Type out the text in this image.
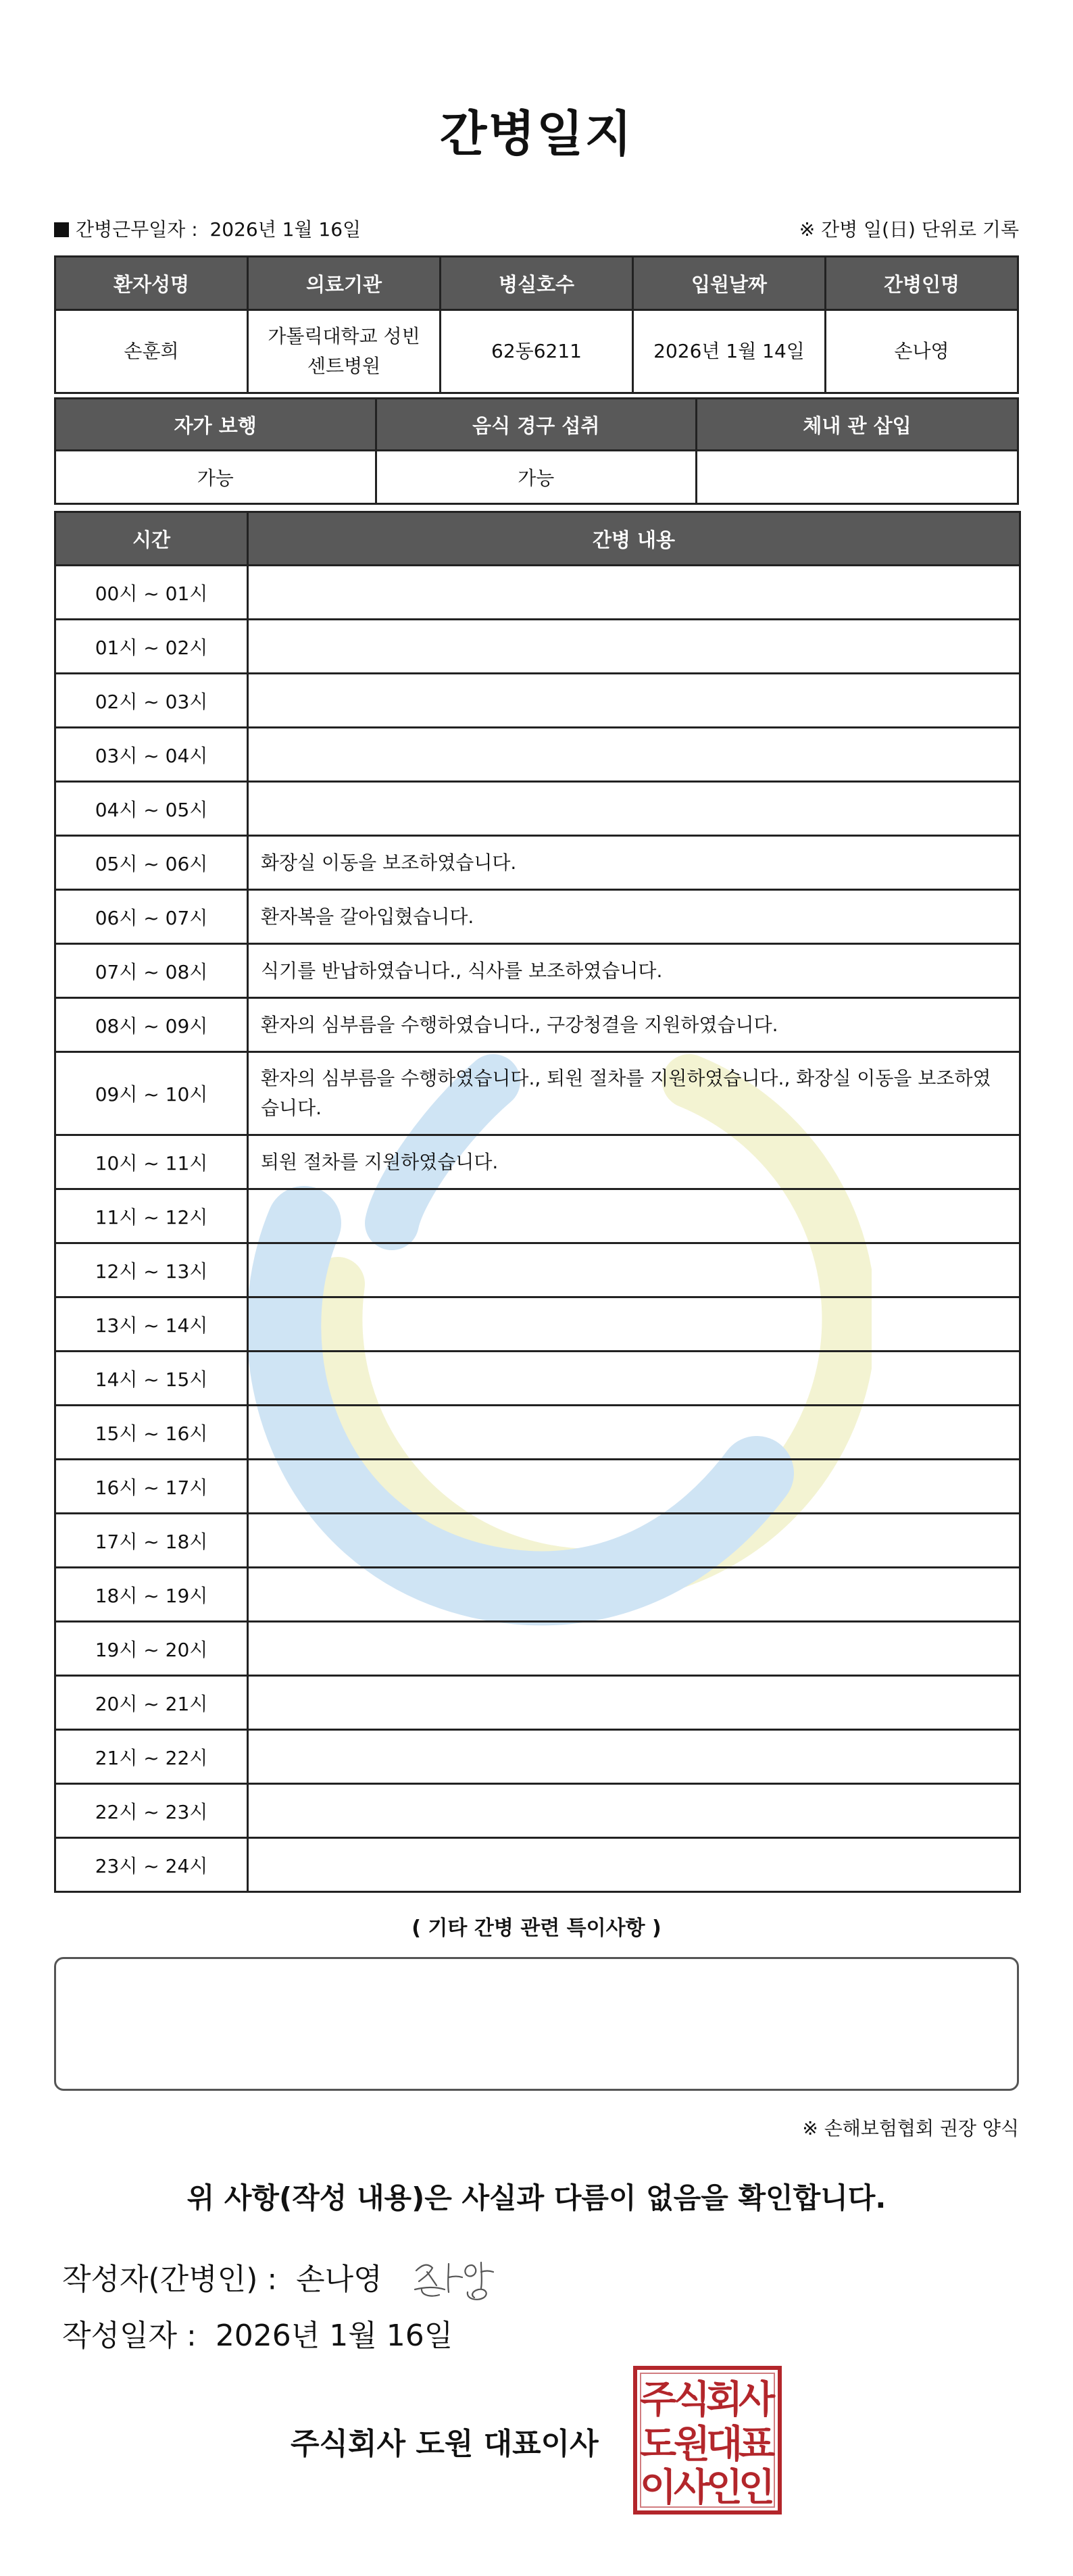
간병일지
간병근무일자 : 2026년 1월 16일	※ 간병 일(日) 단위로 기록
환자성명	의료기관	병실호수	입원날짜	간병인명
손훈희	가톨릭대학교 성빈 센트병원	62동6211	2026년 1월 14일	손나영
자가 보행	음식 경구 섭취	체내 관 삽입
가능	가능	
시간	간병 내용
00시 ~ 01시	
01시 ~ 02시	
02시 ~ 03시	
03시 ~ 04시	
04시 ~ 05시	
05시 ~ 06시	화장실 이동을 보조하였습니다.
06시 ~ 07시	환자복을 갈아입혔습니다.
07시 ~ 08시	식기를 반납하였습니다., 식사를 보조하였습니다.
08시 ~ 09시	환자의 심부름을 수행하였습니다., 구강청결을 지원하였습니다.
09시 ~ 10시	환자의 심부름을 수행하였습니다., 퇴원 절차를 지원하였습니다., 화장실 이동을 보조하였습니다.
10시 ~ 11시	퇴원 절차를 지원하였습니다.
11시 ~ 12시	
12시 ~ 13시	
13시 ~ 14시	
14시 ~ 15시	
15시 ~ 16시	
16시 ~ 17시	
17시 ~ 18시	
18시 ~ 19시	
19시 ~ 20시	
20시 ~ 21시	
21시 ~ 22시	
22시 ~ 23시	
23시 ~ 24시	
( 기타 간병 관련 특이사항 )
※ 손해보험협회 권장 양식
위 사항(작성 내용)은 사실과 다름이 없음을 확인합니다.
작성자(간병인) : 손나영
작성일자 : 2026년 1월 16일
주식회사 도원 대표이사
주
식
회
사
도
원
대
표
이
사
인
인
